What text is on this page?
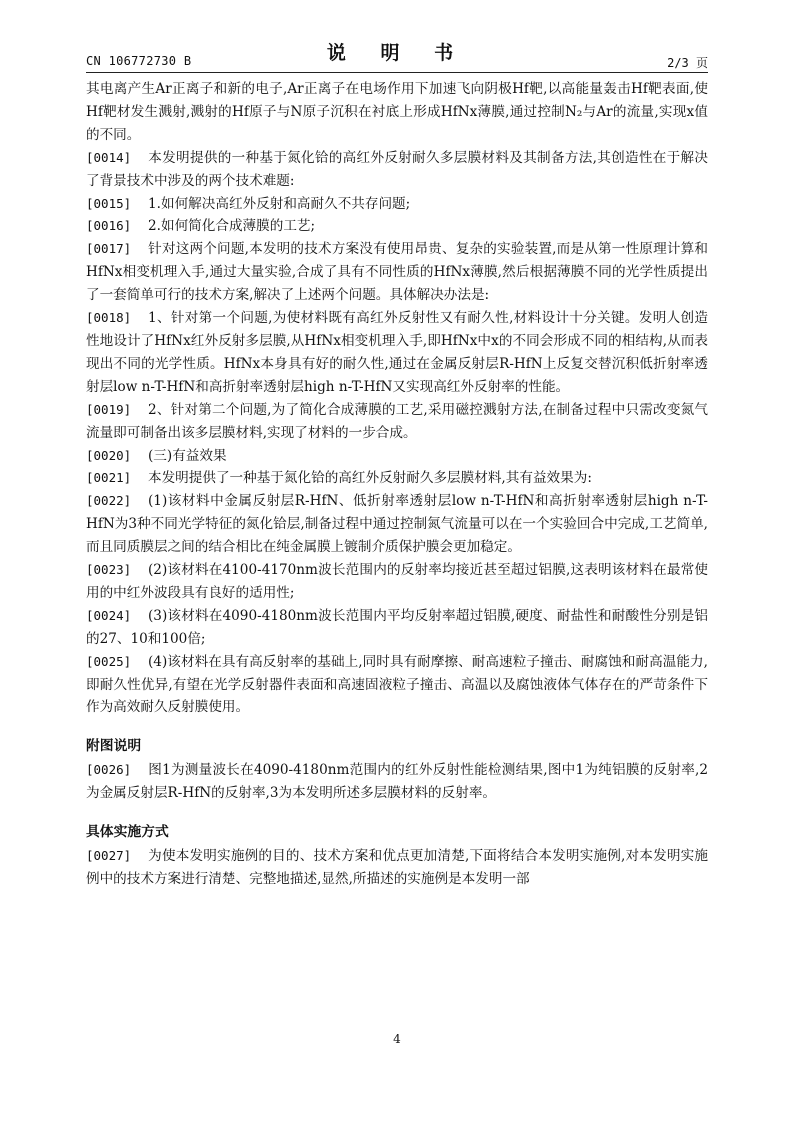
CN 106772730 B	说 明 书	2/3 页

其电离产生Ar正离子和新的电子,Ar正离子在电场作用下加速飞向阴极Hf靶,以高能量轰击Hf靶表面,使Hf靶材发生溅射,溅射的Hf原子与N原子沉积在衬底上形成HfNx薄膜,通过控制N₂与Ar的流量,实现x值的不同。

[0014] 本发明提供的一种基于氮化铪的高红外反射耐久多层膜材料及其制备方法,其创造性在于解决了背景技术中涉及的两个技术难题:

[0015] 1.如何解决高红外反射和高耐久不共存问题;

[0016] 2.如何简化合成薄膜的工艺;

[0017] 针对这两个问题,本发明的技术方案没有使用昂贵、复杂的实验装置,而是从第一性原理计算和HfNx相变机理入手,通过大量实验,合成了具有不同性质的HfNx薄膜,然后根据薄膜不同的光学性质提出了一套简单可行的技术方案,解决了上述两个问题。具体解决办法是:

[0018] 1、针对第一个问题,为使材料既有高红外反射性又有耐久性,材料设计十分关键。发明人创造性地设计了HfNx红外反射多层膜,从HfNx相变机理入手,即HfNx中x的不同会形成不同的相结构,从而表现出不同的光学性质。HfNx本身具有好的耐久性,通过在金属反射层R-HfN上反复交替沉积低折射率透射层low n-T-HfN和高折射率透射层high n-T-HfN又实现高红外反射率的性能。

[0019] 2、针对第二个问题,为了简化合成薄膜的工艺,采用磁控溅射方法,在制备过程中只需改变氮气流量即可制备出该多层膜材料,实现了材料的一步合成。

[0020] (三)有益效果

[0021] 本发明提供了一种基于氮化铪的高红外反射耐久多层膜材料,其有益效果为:

[0022] (1)该材料中金属反射层R-HfN、低折射率透射层low n-T-HfN和高折射率透射层high n-T-HfN为3种不同光学特征的氮化铪层,制备过程中通过控制氮气流量可以在一个实验回合中完成,工艺简单,而且同质膜层之间的结合相比在纯金属膜上镀制介质保护膜会更加稳定。

[0023] (2)该材料在4100-4170nm波长范围内的反射率均接近甚至超过铝膜,这表明该材料在最常使用的中红外波段具有良好的适用性;

[0024] (3)该材料在4090-4180nm波长范围内平均反射率超过铝膜,硬度、耐盐性和耐酸性分别是铝的27、10和100倍;

[0025] (4)该材料在具有高反射率的基础上,同时具有耐摩擦、耐高速粒子撞击、耐腐蚀和耐高温能力,即耐久性优异,有望在光学反射器件表面和高速固液粒子撞击、高温以及腐蚀液体气体存在的严苛条件下作为高效耐久反射膜使用。

附图说明

[0026] 图1为测量波长在4090-4180nm范围内的红外反射性能检测结果,图中1为纯铝膜的反射率,2为金属反射层R-HfN的反射率,3为本发明所述多层膜材料的反射率。

具体实施方式

[0027] 为使本发明实施例的目的、技术方案和优点更加清楚,下面将结合本发明实施例,对本发明实施例中的技术方案进行清楚、完整地描述,显然,所描述的实施例是本发明一部

4
